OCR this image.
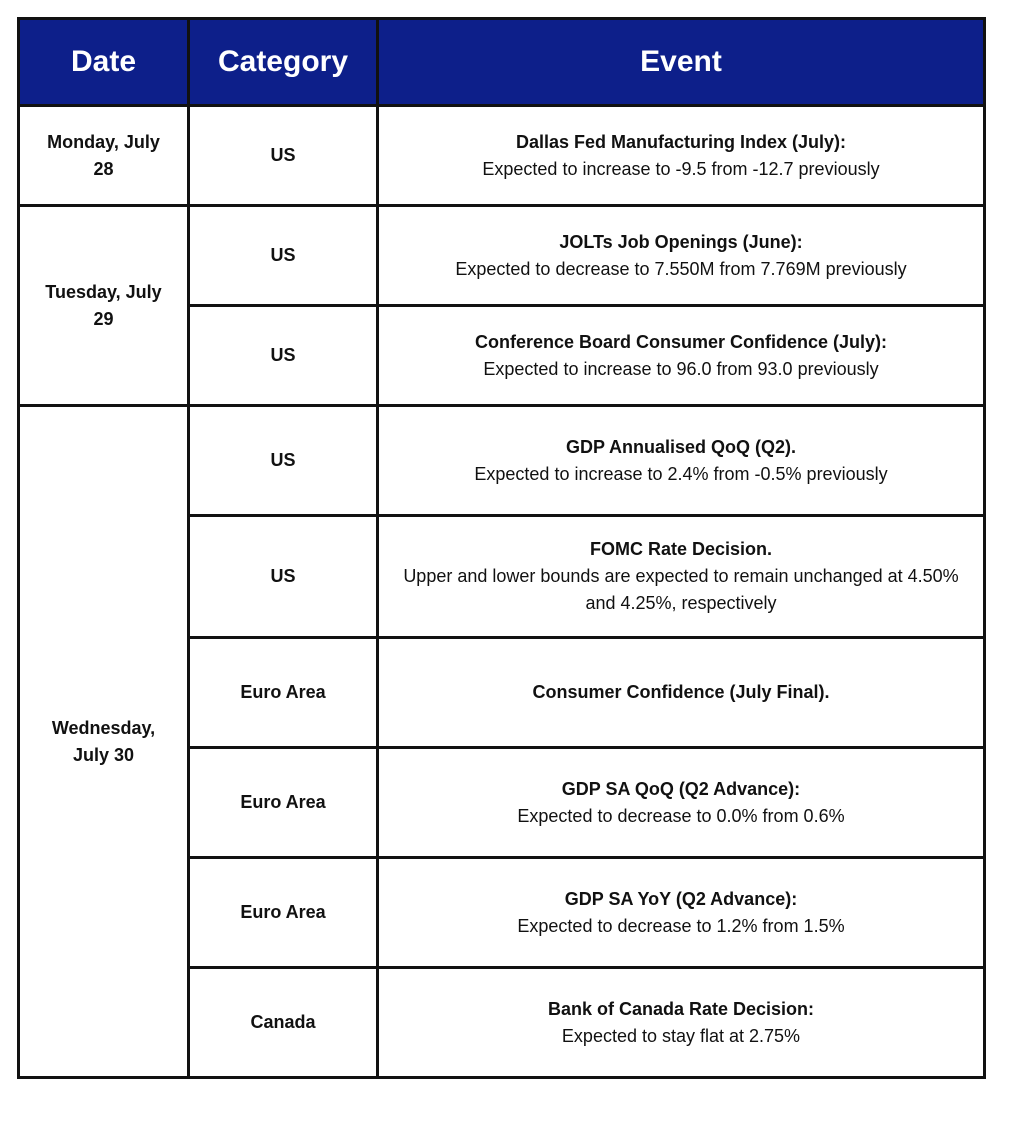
Date	Category	Event
Monday, July 28	US	Dallas Fed Manufacturing Index (July):
Expected to increase to -9.5 from -12.7 previously

Tuesday, July 29	US	JOLTs Job Openings (June):
Expected to decrease to 7.550M from 7.769M previously

	US	Conference Board Consumer Confidence (July):
Expected to increase to 96.0 from 93.0 previously

Wednesday, July 30	US	GDP Annualised QoQ (Q2).
Expected to increase to 2.4% from -0.5% previously

	US	FOMC Rate Decision.
Upper and lower bounds are expected to remain unchanged at 4.50% and 4.25%, respectively

	Euro Area	Consumer Confidence (July Final).

	Euro Area	GDP SA QoQ (Q2 Advance):
Expected to decrease to 0.0% from 0.6%

	Euro Area	GDP SA YoY (Q2 Advance):
Expected to decrease to 1.2% from 1.5%

	Canada	Bank of Canada Rate Decision:
Expected to stay flat at 2.75%
